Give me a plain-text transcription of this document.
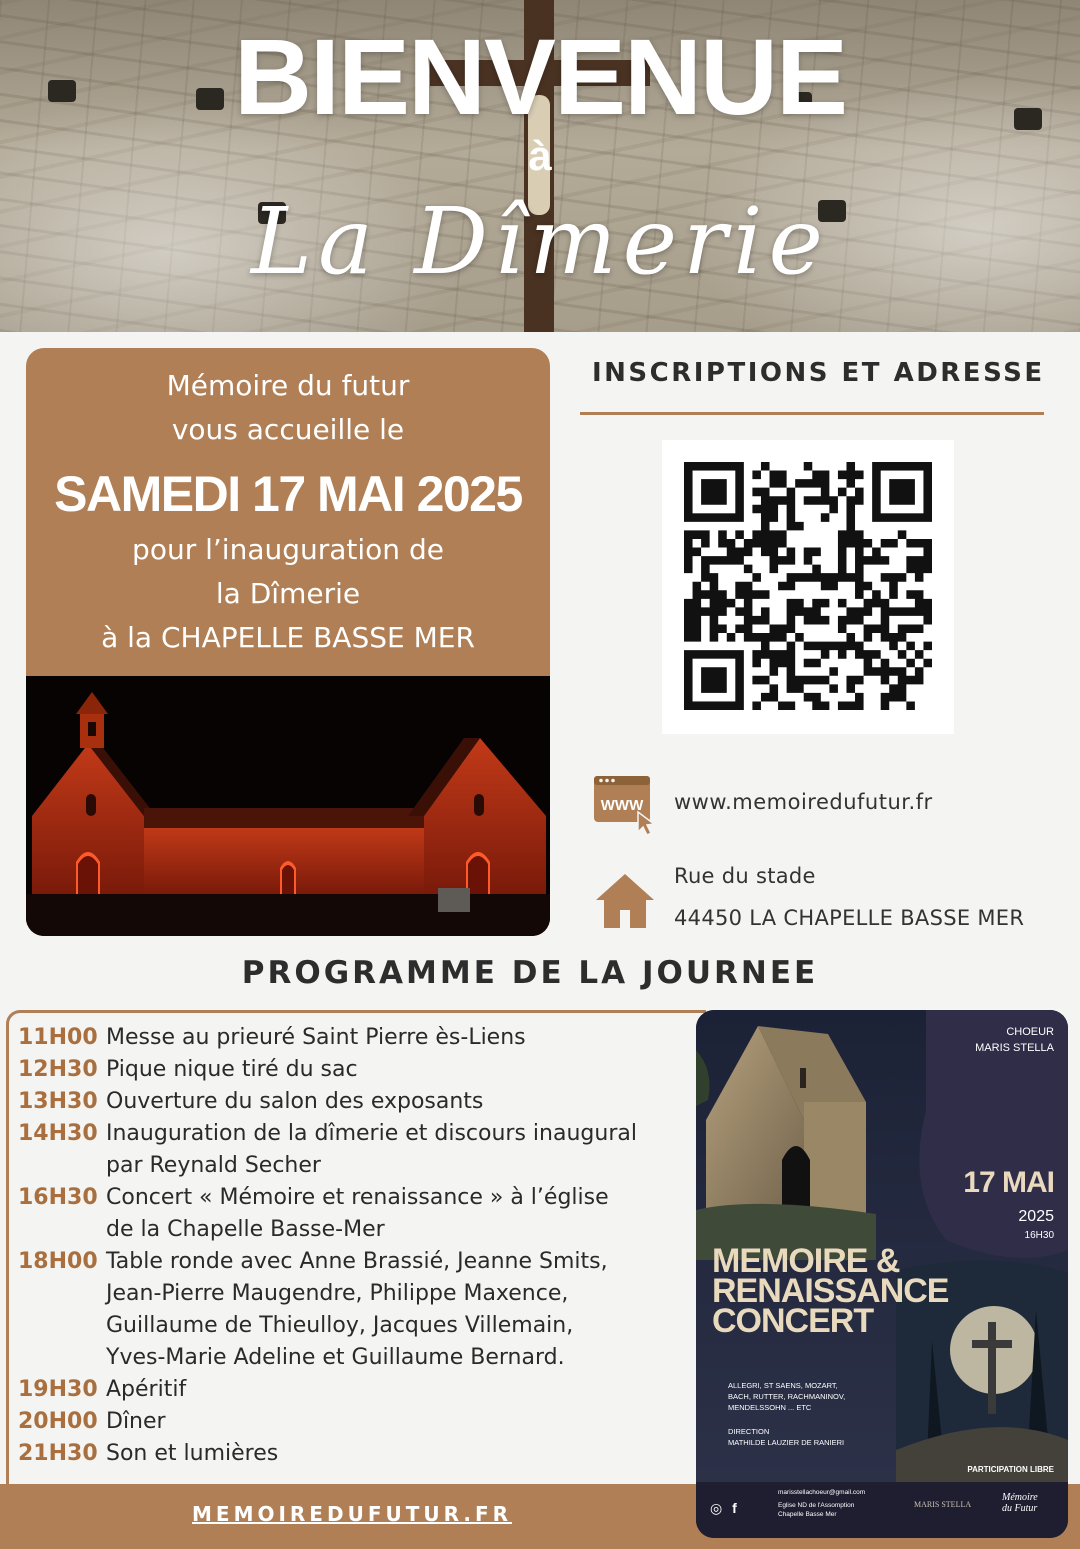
BIENVENUE
à
La Dîmerie
Mémoire du futur
vous accueille le
SAMEDI 17 MAI 2025
pour l’inauguration de
la Dîmerie
à la CHAPELLE BASSE MER
INSCRIPTIONS ET ADRESSE
WWW www.memoiredufutur.fr
Rue du stade
44450 LA CHAPELLE BASSE MER
PROGRAMME DE LA JOURNEE
11H00 Messe au prieuré Saint Pierre ès-Liens
12H30 Pique nique tiré du sac
13H30 Ouverture du salon des exposants
14H30 Inauguration de la dîmerie et discours inaugural
par Reynald Secher
16H30 Concert « Mémoire et renaissance » à l’église
de la Chapelle Basse-Mer
18H00 Table ronde avec Anne Brassié, Jeanne Smits,
Jean-Pierre Maugendre, Philippe Maxence,
Guillaume de Thieulloy, Jacques Villemain,
Yves-Marie Adeline et Guillaume Bernard.
19H30 Apéritif
20H00 Dîner
21H30 Son et lumières
MEMOIREDUFUTUR.FR
CHOEUR
MARIS STELLA
17 MAI
2025
16H30
MEMOIRE &
RENAISSANCE
CONCERT
ALLEGRI, ST SAENS, MOZART,
BACH, RUTTER, RACHMANINOV,
MENDELSSOHN ... ETC
DIRECTION
MATHILDE LAUZIER DE RANIERI
PARTICIPATION LIBRE
◎ f
marisstellachoeur@gmail.com
Eglise ND de l'Assomption
Chapelle Basse Mer
MARIS STELLA
Mémoire
du Futur
